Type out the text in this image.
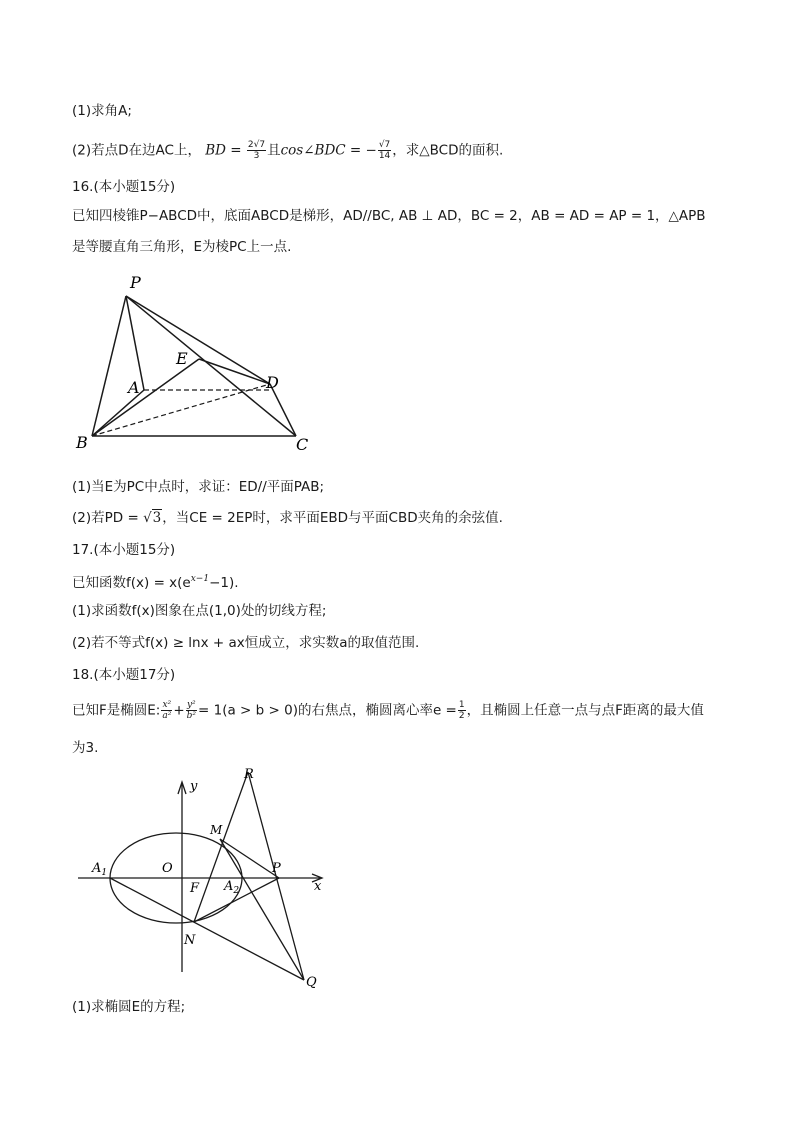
(1)求角A;
(2)若点D在边AC上， BD = $\frac{2√7}{3}$ 且cos∠BDC = − $\frac{√7}{14}$ ，求△BCD的面积.
16.(本小题15分)
已知四棱锥P−ABCD中，底面ABCD是梯形，AD//BC, AB ⊥ AD，BC = 2，AB = AD = AP = 1，△APB
是等腰直角三角形，E为棱PC上一点.
P
E
A	D
B	C
(1)当E为PC中点时，求证：ED//平面PAB;
(2)若PD = √3，当CE = 2EP时，求平面EBD与平面CBD夹角的余弦值.
17.(本小题15分)
已知函数$f(x) = x(e^{x-1}-1)$.
(1)求函数f(x)图象在点(1,0)处的切线方程;
(2)若不等式f(x) ≥ lnx + ax恒成立，求实数a的取值范围.
18.(本小题17分)
已知F是椭圆E: $\frac{\text{x²}}{\text{a²}} + \frac{\text{y²}}{\text{b²}} = 1(a > b > 0)$的右焦点，椭圆离心率$e = \frac{1}{2}$ ，且椭圆上任意一点与点F距离的最大值
为3.
y
R
M
$A_1$	O	P
F $A_2$	x
N
Q
(1)求椭圆E的方程;
